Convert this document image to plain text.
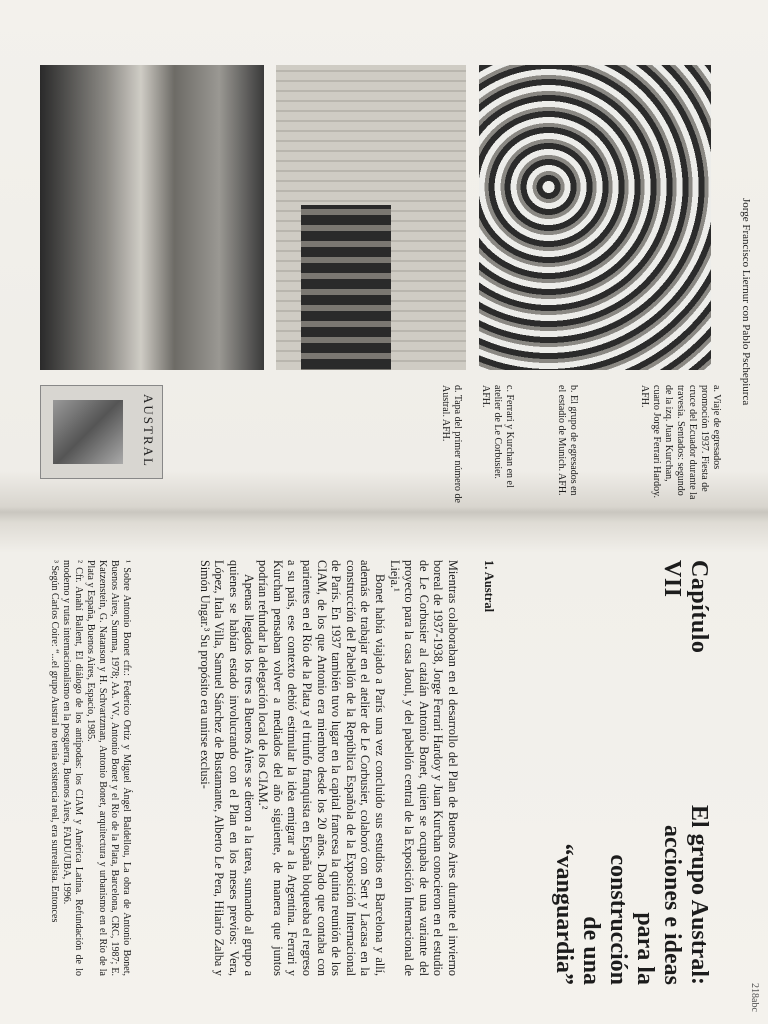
AUSTRAL
Jorge Francisco Liernur con Pablo Pschepiurca

a. Viaje de egresados promoción 1937. Fiesta de cruce del Ecuador durante la travesía. Sentados: segundo de la izq. Juan Kurchan, cuarto Jorge Ferrari Hardoy. AFH.

b. El grupo de egresados en el estadio de Munich. AFH.

c. Ferrari y Kurchan en el atelier de Le Corbusier. AFH.

d. Tapa del primer número de Austral. AFH.

218abc
Capítulo VII
El grupo Austral:
acciones e ideas
para la construcción
de una “vanguardia”
1. Austral

Mientras colaboraban en el desarrollo del Plan de Buenos Aires durante el invierno boreal de 1937-1938, Jorge Ferrari Hardoy y Juan Kurchan conocieron en el estudio de Le Corbusier al catalán Antonio Bonet, quien se ocupaba de una variante del proyecto para la casa Jaoul, y del pabellón central de la Exposición Internacional de Lieja.¹

Bonet había viajado a París una vez concluido sus estudios en Barcelona y allí, además de trabajar en el atelier de Le Corbusier, colaboró con Sert y Lacasa en la construcción del Pabellón de la República Española de la Exposición Internacional de París. En 1937 también tuvo lugar en la capital francesa la quinta reunión de los CIAM, de los que Antonio era miembro desde los 20 años. Dado que contaba con parientes en el Río de la Plata y el triunfo franquista en España bloqueaba el regreso a su país, ese contexto debió estimular la idea emigrar a la Argentina. Ferrari y Kurchan pensaban volver a mediados del año siguiente, de manera que juntos podrían refundar la delegación local de los CIAM.²

Apenas llegados los tres a Buenos Aires se dieron a la tarea, sumando al grupo a quienes se habían estado involucrando con el Plan en los meses previos: Vera, López, Itala Villa, Samuel Sánchez de Bustamante, Alberto Le Pera, Hilario Zalba y Simón Ungar.³ Su propósito era unirse exclusi-

¹ Sobre Antonio Bonet cfr.: Federico Ortiz y Miguel Ángel Baldellou, La obra de Antonio Bonet, Buenos Aires, Summa, 1978; AA. VV., Antonio Bonet y el Río de la Plata, Barcelona, CRC, 1987; E. Katzenstein, G. Natanson y H. Schvartzman, Antonio Bonet, arquitectura y urbanismo en el Río de la Plata y España, Buenos Aires, Espacio, 1985.

² Cfr. Anahí Ballent, El diálogo de los antípodas: los CIAM y América Latina. Refundación de lo moderno y rutas internacionalismo en la posguerra, Buenos Aires, FADU/UBA, 1996.

³ Según Carlos Coire: “...el grupo Austral no tenía existencia real, era surrealista. Entonces
